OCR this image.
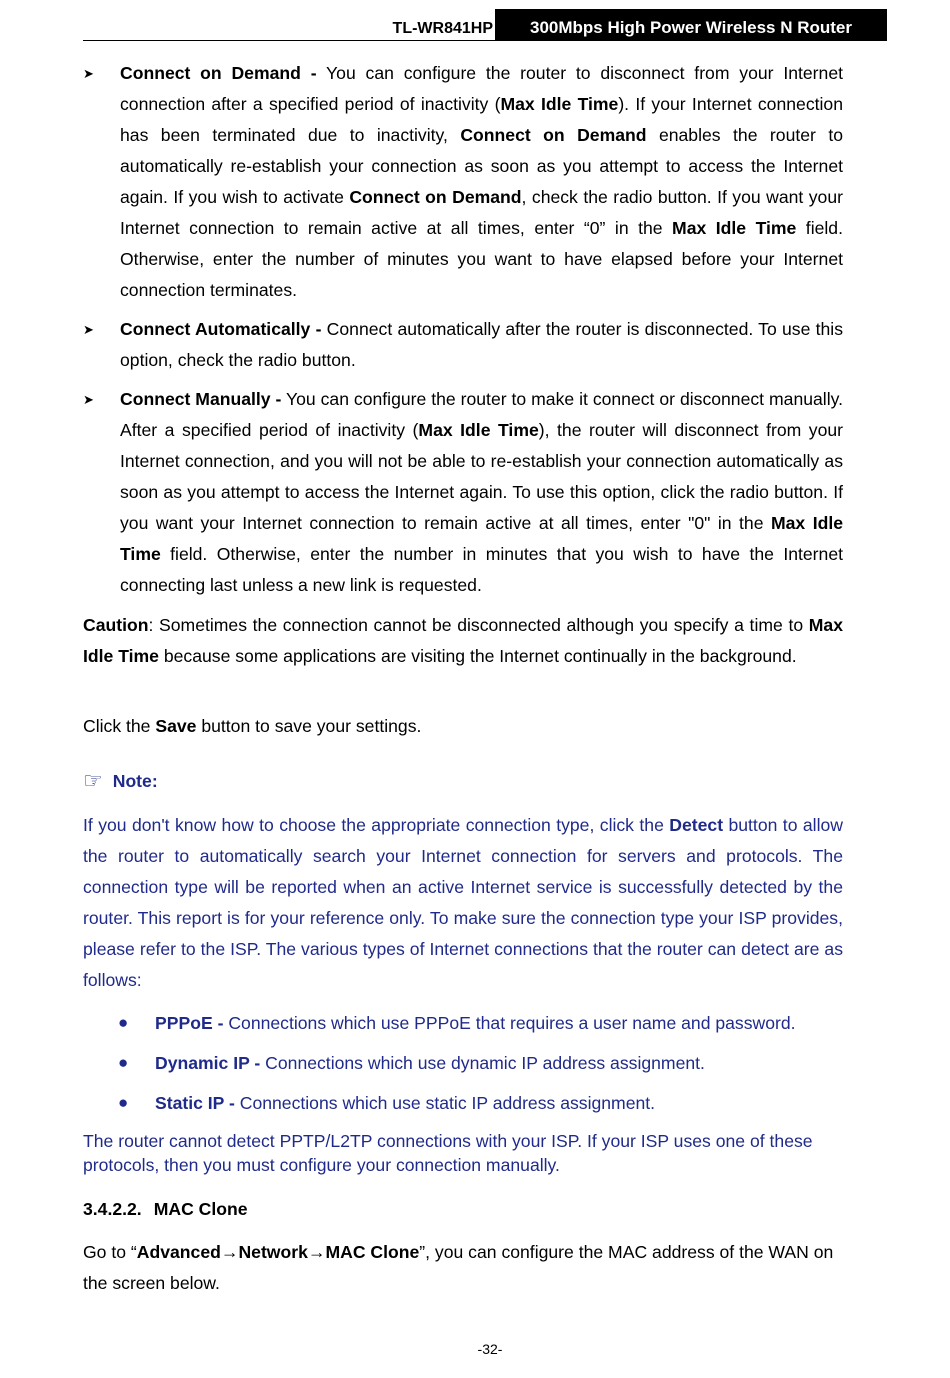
TL-WR841HP	300Mbps High Power Wireless N Router
➤ Connect on Demand - You can configure the router to disconnect from your Internet connection after a specified period of inactivity (Max Idle Time). If your Internet connection has been terminated due to inactivity, Connect on Demand enables the router to automatically re-establish your connection as soon as you attempt to access the Internet again. If you wish to activate Connect on Demand, check the radio button. If you want your Internet connection to remain active at all times, enter “0” in the Max Idle Time field. Otherwise, enter the number of minutes you want to have elapsed before your Internet connection terminates.
➤ Connect Automatically - Connect automatically after the router is disconnected. To use this option, check the radio button.
➤ Connect Manually - You can configure the router to make it connect or disconnect manually. After a specified period of inactivity (Max Idle Time), the router will disconnect from your Internet connection, and you will not be able to re-establish your connection automatically as soon as you attempt to access the Internet again. To use this option, click the radio button. If you want your Internet connection to remain active at all times, enter "0" in the Max Idle Time field. Otherwise, enter the number in minutes that you wish to have the Internet connecting last unless a new link is requested.
Caution: Sometimes the connection cannot be disconnected although you specify a time to Max Idle Time because some applications are visiting the Internet continually in the background.
Click the Save button to save your settings.
☞ Note:
If you don't know how to choose the appropriate connection type, click the Detect button to allow the router to automatically search your Internet connection for servers and protocols. The connection type will be reported when an active Internet service is successfully detected by the router. This report is for your reference only. To make sure the connection type your ISP provides, please refer to the ISP. The various types of Internet connections that the router can detect are as follows:
● PPPoE - Connections which use PPPoE that requires a user name and password.
● Dynamic IP - Connections which use dynamic IP address assignment.
● Static IP - Connections which use static IP address assignment.
The router cannot detect PPTP/L2TP connections with your ISP. If your ISP uses one of these protocols, then you must configure your connection manually.
3.4.2.2. MAC Clone
Go to “Advanced→Network→MAC Clone”, you can configure the MAC address of the WAN on the screen below.
-32-
